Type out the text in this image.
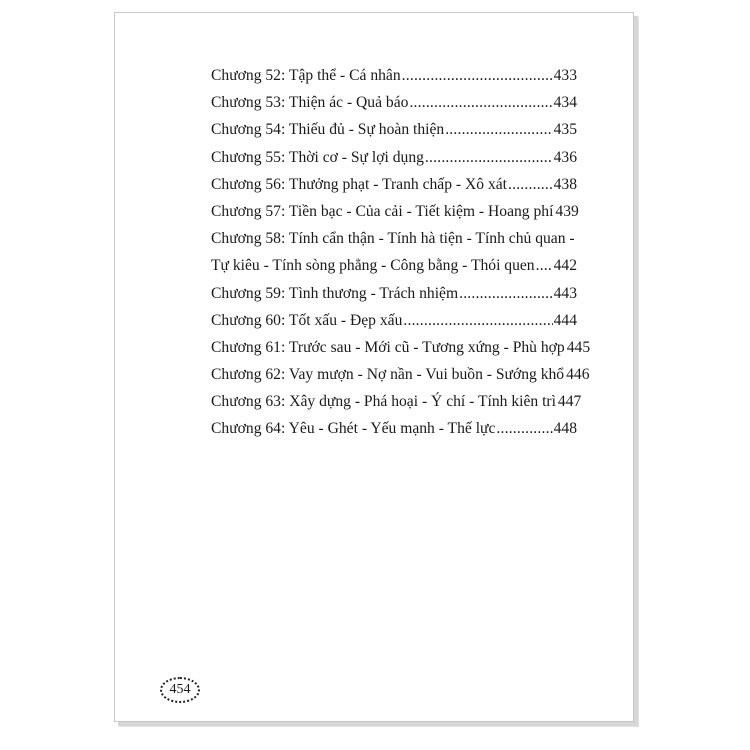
Chương 52: Tập thể - Cá nhân .....	433
Chương 53: Thiện ác - Quả báo .....	434
Chương 54: Thiếu đủ - Sự hoàn thiện .....	435
Chương 55: Thời cơ - Sự lợi dụng .....	436
Chương 56: Thưởng phạt - Tranh chấp - Xô xát .....	438
Chương 57: Tiền bạc - Của cải - Tiết kiệm - Hoang phí 439
Chương 58: Tính cẩn thận - Tính hà tiện - Tính chủ quan -
Tự kiêu - Tính sòng phẳng - Công bằng - Thói quen ..... 442
Chương 59: Tình thương - Trách nhiệm .....	443
Chương 60: Tốt xấu - Đẹp xấu .....	444
Chương 61: Trước sau - Mới cũ - Tương xứng - Phù hợp 445
Chương 62: Vay mượn - Nợ nần - Vui buồn - Sướng khổ 446
Chương 63: Xây dựng - Phá hoại - Ý chí - Tính kiên trì 447
Chương 64: Yêu - Ghét - Yếu mạnh - Thế lực .....	448
454
